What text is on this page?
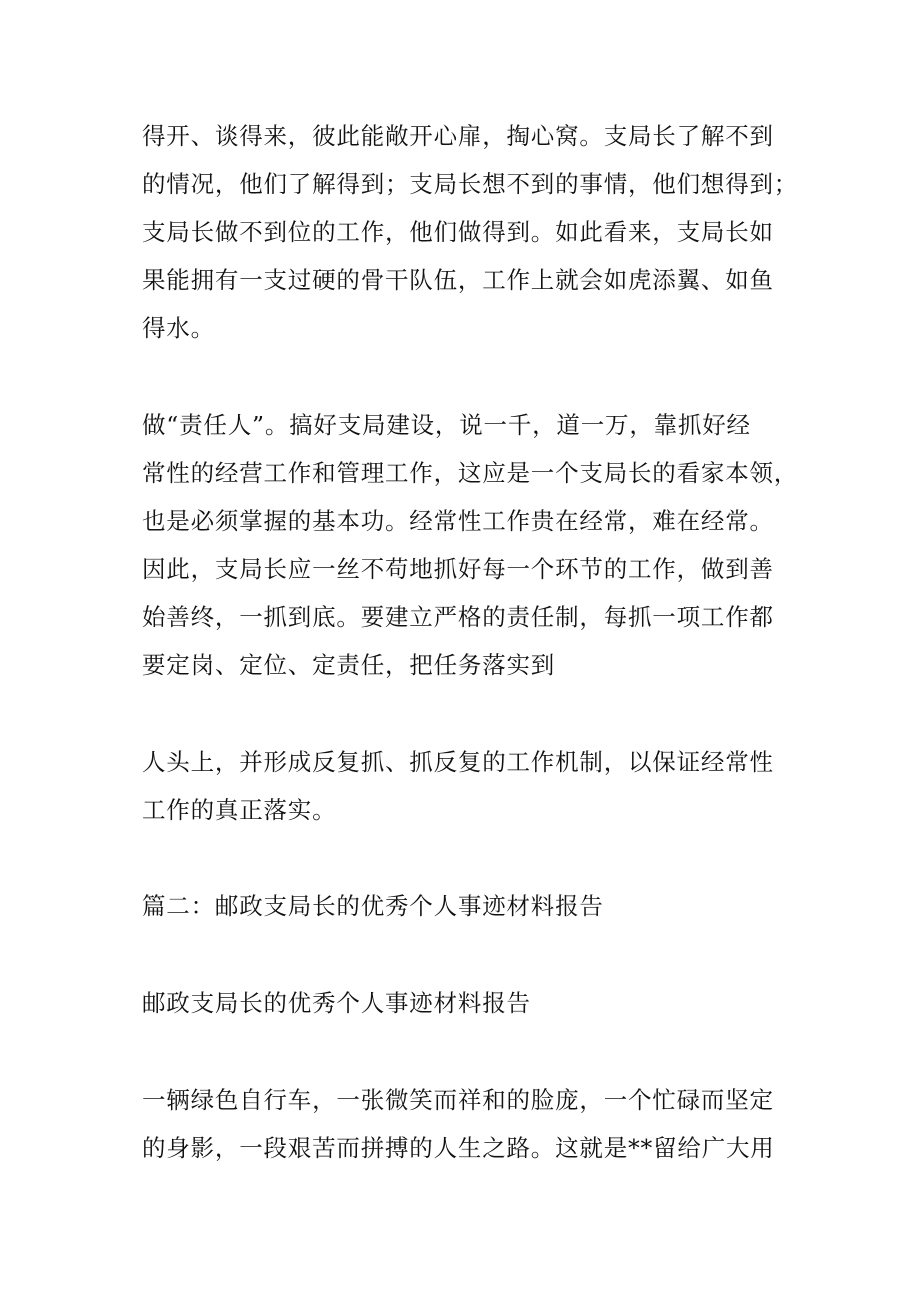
得开、谈得来，彼此能敞开心扉，掏心窝。支局长了解不到
的情况，他们了解得到；支局长想不到的事情，他们想得到；
支局长做不到位的工作，他们做得到。如此看来，支局长如
果能拥有一支过硬的骨干队伍，工作上就会如虎添翼、如鱼
得水。
做“责任人”。搞好支局建设，说一千，道一万，靠抓好经
常性的经营工作和管理工作，这应是一个支局长的看家本领，
也是必须掌握的基本功。经常性工作贵在经常，难在经常。
因此，支局长应一丝不苟地抓好每一个环节的工作，做到善
始善终，一抓到底。要建立严格的责任制，每抓一项工作都
要定岗、定位、定责任，把任务落实到
人头上，并形成反复抓、抓反复的工作机制，以保证经常性
工作的真正落实。
篇二：邮政支局长的优秀个人事迹材料报告
邮政支局长的优秀个人事迹材料报告
一辆绿色自行车，一张微笑而祥和的脸庞，一个忙碌而坚定
的身影，一段艰苦而拼搏的人生之路。这就是**留给广大用
